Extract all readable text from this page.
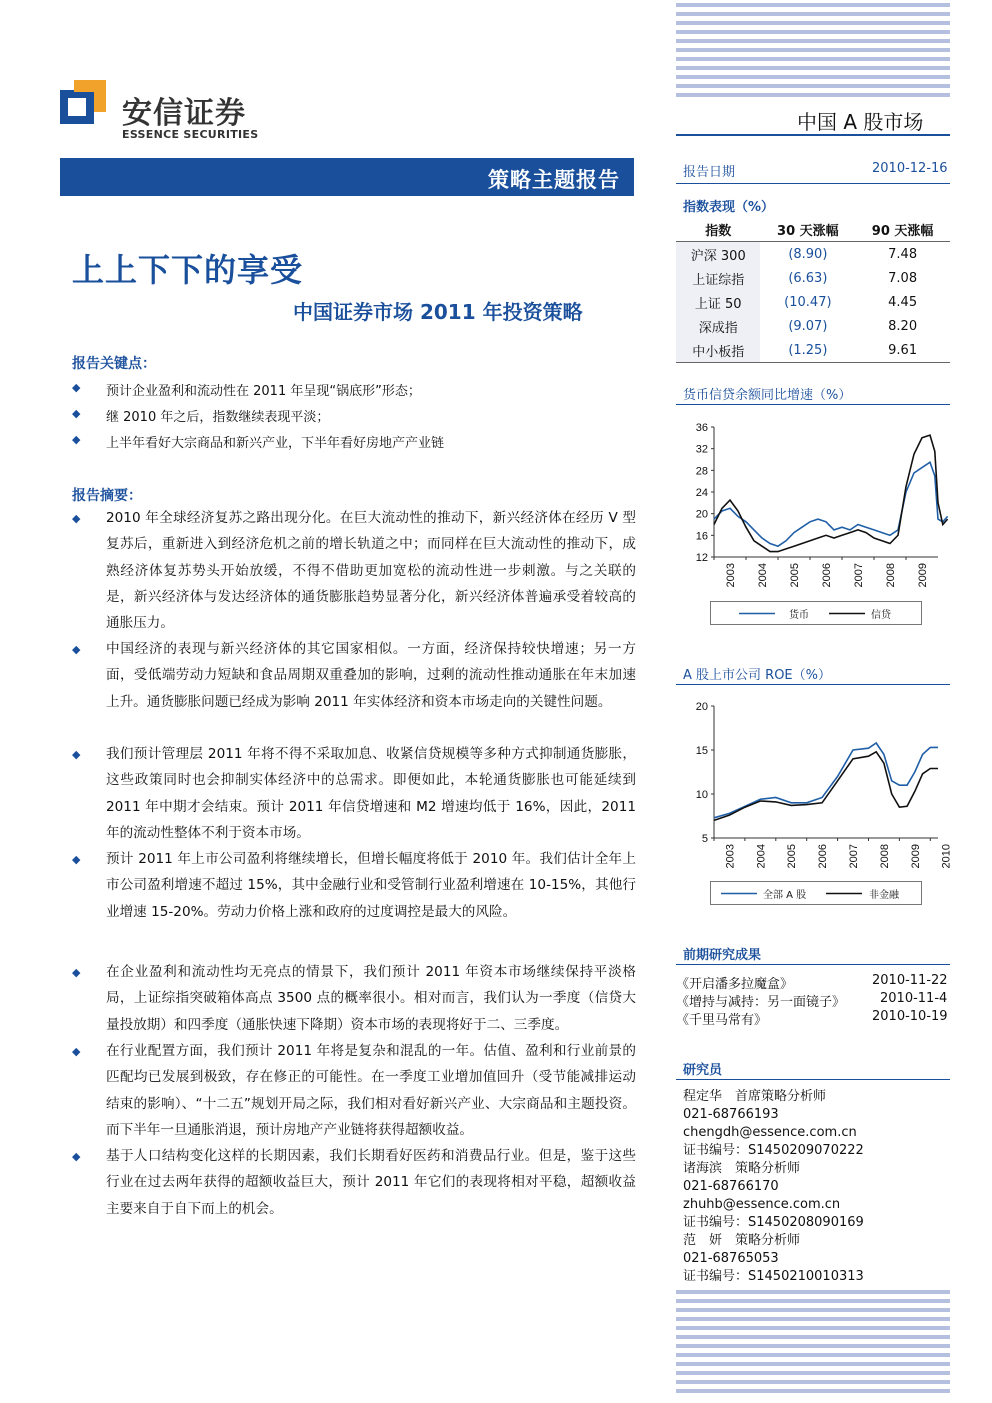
安信证券
ESSENCE SECURITIES
中国 A 股市场
策略主题报告
上上下下的享受
中国证券市场 2011 年投资策略
报告关键点：
◆ 预计企业盈利和流动性在 2011 年呈现“锅底形”形态；
◆ 继 2010 年之后，指数继续表现平淡；
◆ 上半年看好大宗商品和新兴产业，下半年看好房地产产业链
报告摘要：
◆ 2010 年全球经济复苏之路出现分化。在巨大流动性的推动下，新兴经济体在经历 V 型复苏后，重新进入到经济危机之前的增长轨道之中；而同样在巨大流动性的推动下，成熟经济体复苏势头开始放缓，不得不借助更加宽松的流动性进一步刺激。与之关联的是，新兴经济体与发达经济体的通货膨胀趋势显著分化，新兴经济体普遍承受着较高的通胀压力。
◆ 中国经济的表现与新兴经济体的其它国家相似。一方面，经济保持较快增速；另一方面，受低端劳动力短缺和食品周期双重叠加的影响，过剩的流动性推动通胀在年末加速上升。通货膨胀问题已经成为影响 2011 年实体经济和资本市场走向的关键性问题。
◆ 我们预计管理层 2011 年将不得不采取加息、收紧信贷规模等多种方式抑制通货膨胀，这些政策同时也会抑制实体经济中的总需求。即便如此，本轮通货膨胀也可能延续到 2011 年中期才会结束。预计 2011 年信贷增速和 M2 增速均低于 16%，因此，2011 年的流动性整体不利于资本市场。
◆ 预计 2011 年上市公司盈利将继续增长，但增长幅度将低于 2010 年。我们估计全年上市公司盈利增速不超过 15%，其中金融行业和受管制行业盈利增速在 10-15%，其他行业增速 15-20%。劳动力价格上涨和政府的过度调控是最大的风险。
◆ 在企业盈利和流动性均无亮点的情景下，我们预计 2011 年资本市场继续保持平淡格局，上证综指突破箱体高点 3500 点的概率很小。相对而言，我们认为一季度（信贷大量投放期）和四季度（通胀快速下降期）资本市场的表现将好于二、三季度。
◆ 在行业配置方面，我们预计 2011 年将是复杂和混乱的一年。估值、盈利和行业前景的匹配均已发展到极致，存在修正的可能性。在一季度工业增加值回升（受节能减排运动结束的影响）、“十二五”规划开局之际，我们相对看好新兴产业、大宗商品和主题投资。而下半年一旦通胀消退，预计房地产产业链将获得超额收益。
◆ 基于人口结构变化这样的长期因素，我们长期看好医药和消费品行业。但是，鉴于这些行业在过去两年获得的超额收益巨大，预计 2011 年它们的表现将相对平稳，超额收益主要来自于自下而上的机会。
报告日期	2010-12-16
指数表现（%）
指数	30 天涨幅	90 天涨幅
沪深 300	(8.90)	7.48
上证综指	(6.63)	7.08
上证 50	(10.47)	4.45
深成指	(9.07)	8.20
中小板指	(1.25)	9.61
货币信贷余额同比增速（%）
12
16
20
24
28
32
36
2003 2004 2005 2006 2007 2008 2009
货币	信贷
A 股上市公司 ROE（%）
5
10
15
20
2003 2004 2005 2006 2007 2008 2009 2010
全部 A 股	非金融
前期研究成果
《开启潘多拉魔盒》	2010-11-22
《增持与减持：另一面镜子》	2010-11-4
《千里马常有》	2010-10-19
研究员
程定华　首席策略分析师
021-68766193
chengdh@essence.com.cn
证书编号：S1450209070222
诸海滨　策略分析师
021-68766170
zhuhb@essence.com.cn
证书编号：S1450208090169
范　妍　策略分析师
021-68765053
证书编号：S1450210010313
